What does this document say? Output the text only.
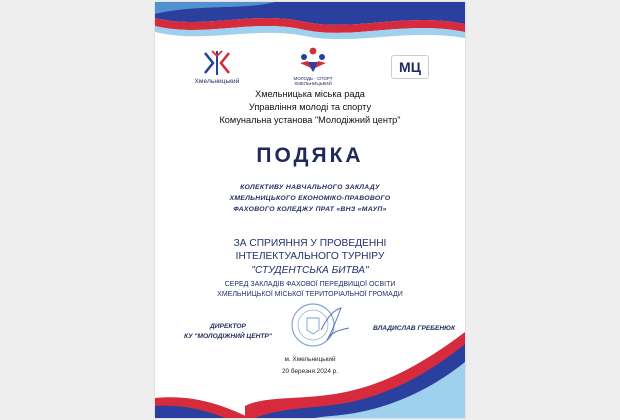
Хмельницький	МОЛОДЬ · СПОРТ
ХМЕЛЬНИЦЬКИЙ
МЦ
Хмельницька міська рада
Управління молоді та спорту
Комунальна установа "Молодіжний центр"
ПОДЯКА
КОЛЕКТИВУ НАВЧАЛЬНОГО ЗАКЛАДУ
ХМЕЛЬНИЦЬКОГО ЕКОНОМІКО-ПРАВОВОГО
ФАХОВОГО КОЛЕДЖУ ПРАТ «ВНЗ «МАУП»
ЗА СПРИЯННЯ У ПРОВЕДЕННІ
ІНТЕЛЕКТУАЛЬНОГО ТУРНІРУ
"СТУДЕНТСЬКА БИТВА"
СЕРЕД ЗАКЛАДІВ ФАХОВОЇ ПЕРЕДВИЩОЇ ОСВІТИ
ХМЕЛЬНИЦЬКОЇ МІСЬКОЇ ТЕРИТОРІАЛЬНОЇ ГРОМАДИ
ДИРЕКТОР
КУ "МОЛОДІЖНИЙ ЦЕНТР"
ВЛАДИСЛАВ ГРЕБЕНЮК
м. Хмельницький
20 березня 2024 р.
